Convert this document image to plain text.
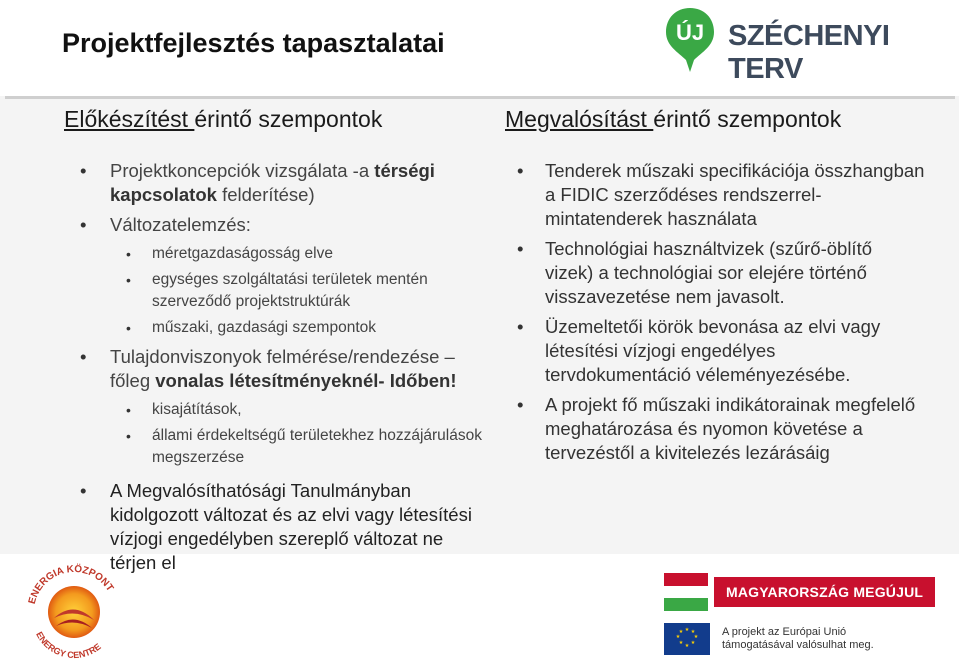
Projektfejlesztés tapasztalatai	ÚJ SZÉCHENYI TERV
Előkészítést érintő szempontok
• Projektkoncepciók vizsgálata -a térségi kapcsolatok felderítése)
• Változatelemzés:
• méretgazdaságosság elve
• egységes szolgáltatási területek mentén szerveződő projektstruktúrák
• műszaki, gazdasági szempontok
• Tulajdonviszonyok felmérése/rendezése – főleg vonalas létesítményeknél- Időben!
• kisajátítások,
• állami érdekeltségű területekhez hozzájárulások megszerzése
• A Megvalósíthatósági Tanulmányban kidolgozott változat és az elvi vagy létesítési vízjogi engedélyben szereplő változat ne térjen el
Megvalósítást érintő szempontok
• Tenderek műszaki specifikációja összhangban a FIDIC szerződéses rendszerrel- mintatenderek használata
• Technológiai használtvizek (szűrő-öblítő vizek) a technológiai sor elejére történő visszavezetése nem javasolt.
• Üzemeltetői körök bevonása az elvi vagy létesítési vízjogi engedélyes tervdokumentáció véleményezésébe.
• A projekt fő műszaki indikátorainak megfelelő meghatározása és nyomon követése a tervezéstől a kivitelezés lezárásáig
ENERGIA KÖZPONT
ENERGY CENTRE
MAGYARORSZÁG MEGÚJUL
★ ★
★
★
★
★
★
★	A projekt az Európai Unió
támogatásával valósulhat meg.
